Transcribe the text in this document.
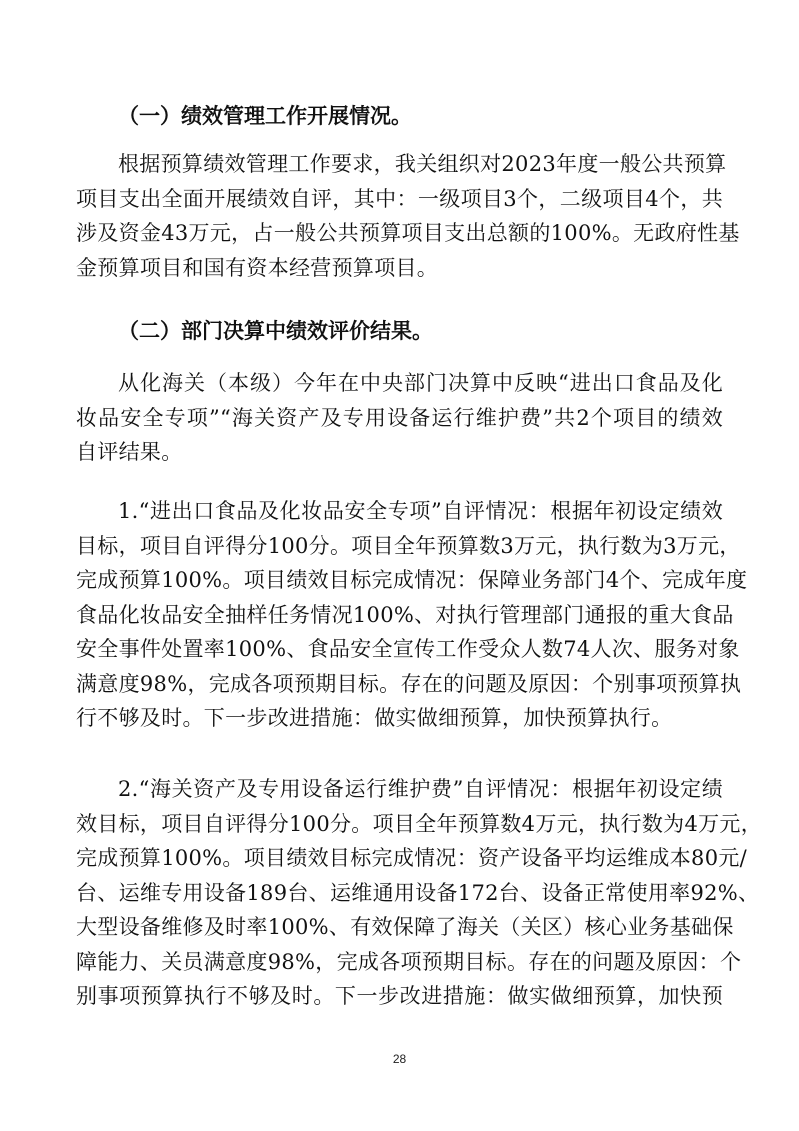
（一）绩效管理工作开展情况。

根据预算绩效管理工作要求，我关组织对2023年度一般公共预算
项目支出全面开展绩效自评，其中：一级项目3个，二级项目4个，共
涉及资金43万元，占一般公共预算项目支出总额的100%。无政府性基
金预算项目和国有资本经营预算项目。

（二）部门决算中绩效评价结果。

从化海关（本级）今年在中央部门决算中反映“进出口食品及化
妆品安全专项”“海关资产及专用设备运行维护费”共2个项目的绩效
自评结果。
1.“进出口食品及化妆品安全专项”自评情况：根据年初设定绩效
目标，项目自评得分100分。项目全年预算数3万元，执行数为3万元，
完成预算100%。项目绩效目标完成情况：保障业务部门4个、完成年度
食品化妆品安全抽样任务情况100%、对执行管理部门通报的重大食品
安全事件处置率100%、食品安全宣传工作受众人数74人次、服务对象
满意度98%，完成各项预期目标。存在的问题及原因：个别事项预算执
行不够及时。下一步改进措施：做实做细预算，加快预算执行。
2.“海关资产及专用设备运行维护费”自评情况：根据年初设定绩
效目标，项目自评得分100分。项目全年预算数4万元，执行数为4万元，
完成预算100%。项目绩效目标完成情况：资产设备平均运维成本80元/
台、运维专用设备189台、运维通用设备172台、设备正常使用率92%、
大型设备维修及时率100%、有效保障了海关（关区）核心业务基础保
障能力、关员满意度98%，完成各项预期目标。存在的问题及原因：个
别事项预算执行不够及时。下一步改进措施：做实做细预算，加快预
28
